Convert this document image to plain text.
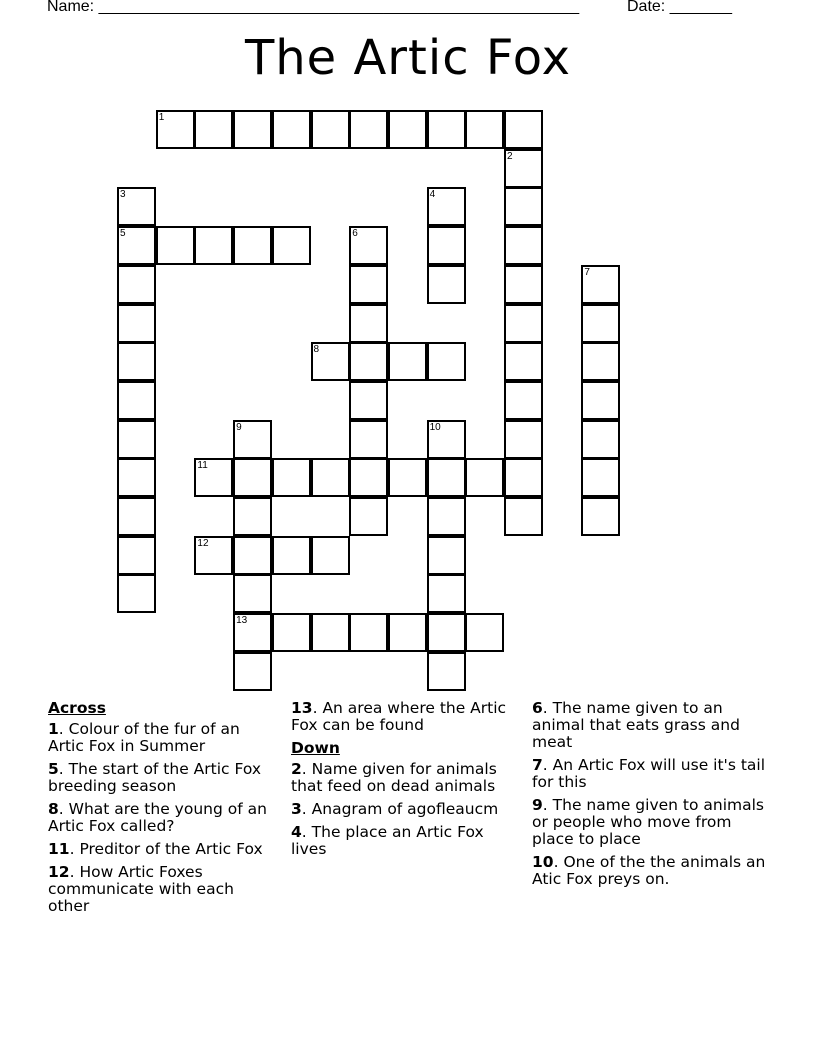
Name: ______________________________________________________	Date: _______
The Artic Fox
1
2
3	4
5	6
7
8
9	10
11
12
13
Across
1. Colour of the fur of an Artic Fox in Summer
5. The start of the Artic Fox breeding season
8. What are the young of an Artic Fox called?
11. Preditor of the Artic Fox
12. How Artic Foxes communicate with each other
13. An area where the Artic Fox can be found
Down
2. Name given for animals that feed on dead animals
3. Anagram of agofleaucm
4. The place an Artic Fox lives
6. The name given to an animal that eats grass and meat
7. An Artic Fox will use it's tail for this
9. The name given to animals or people who move from place to place
10. One of the the animals an Atic Fox preys on.
